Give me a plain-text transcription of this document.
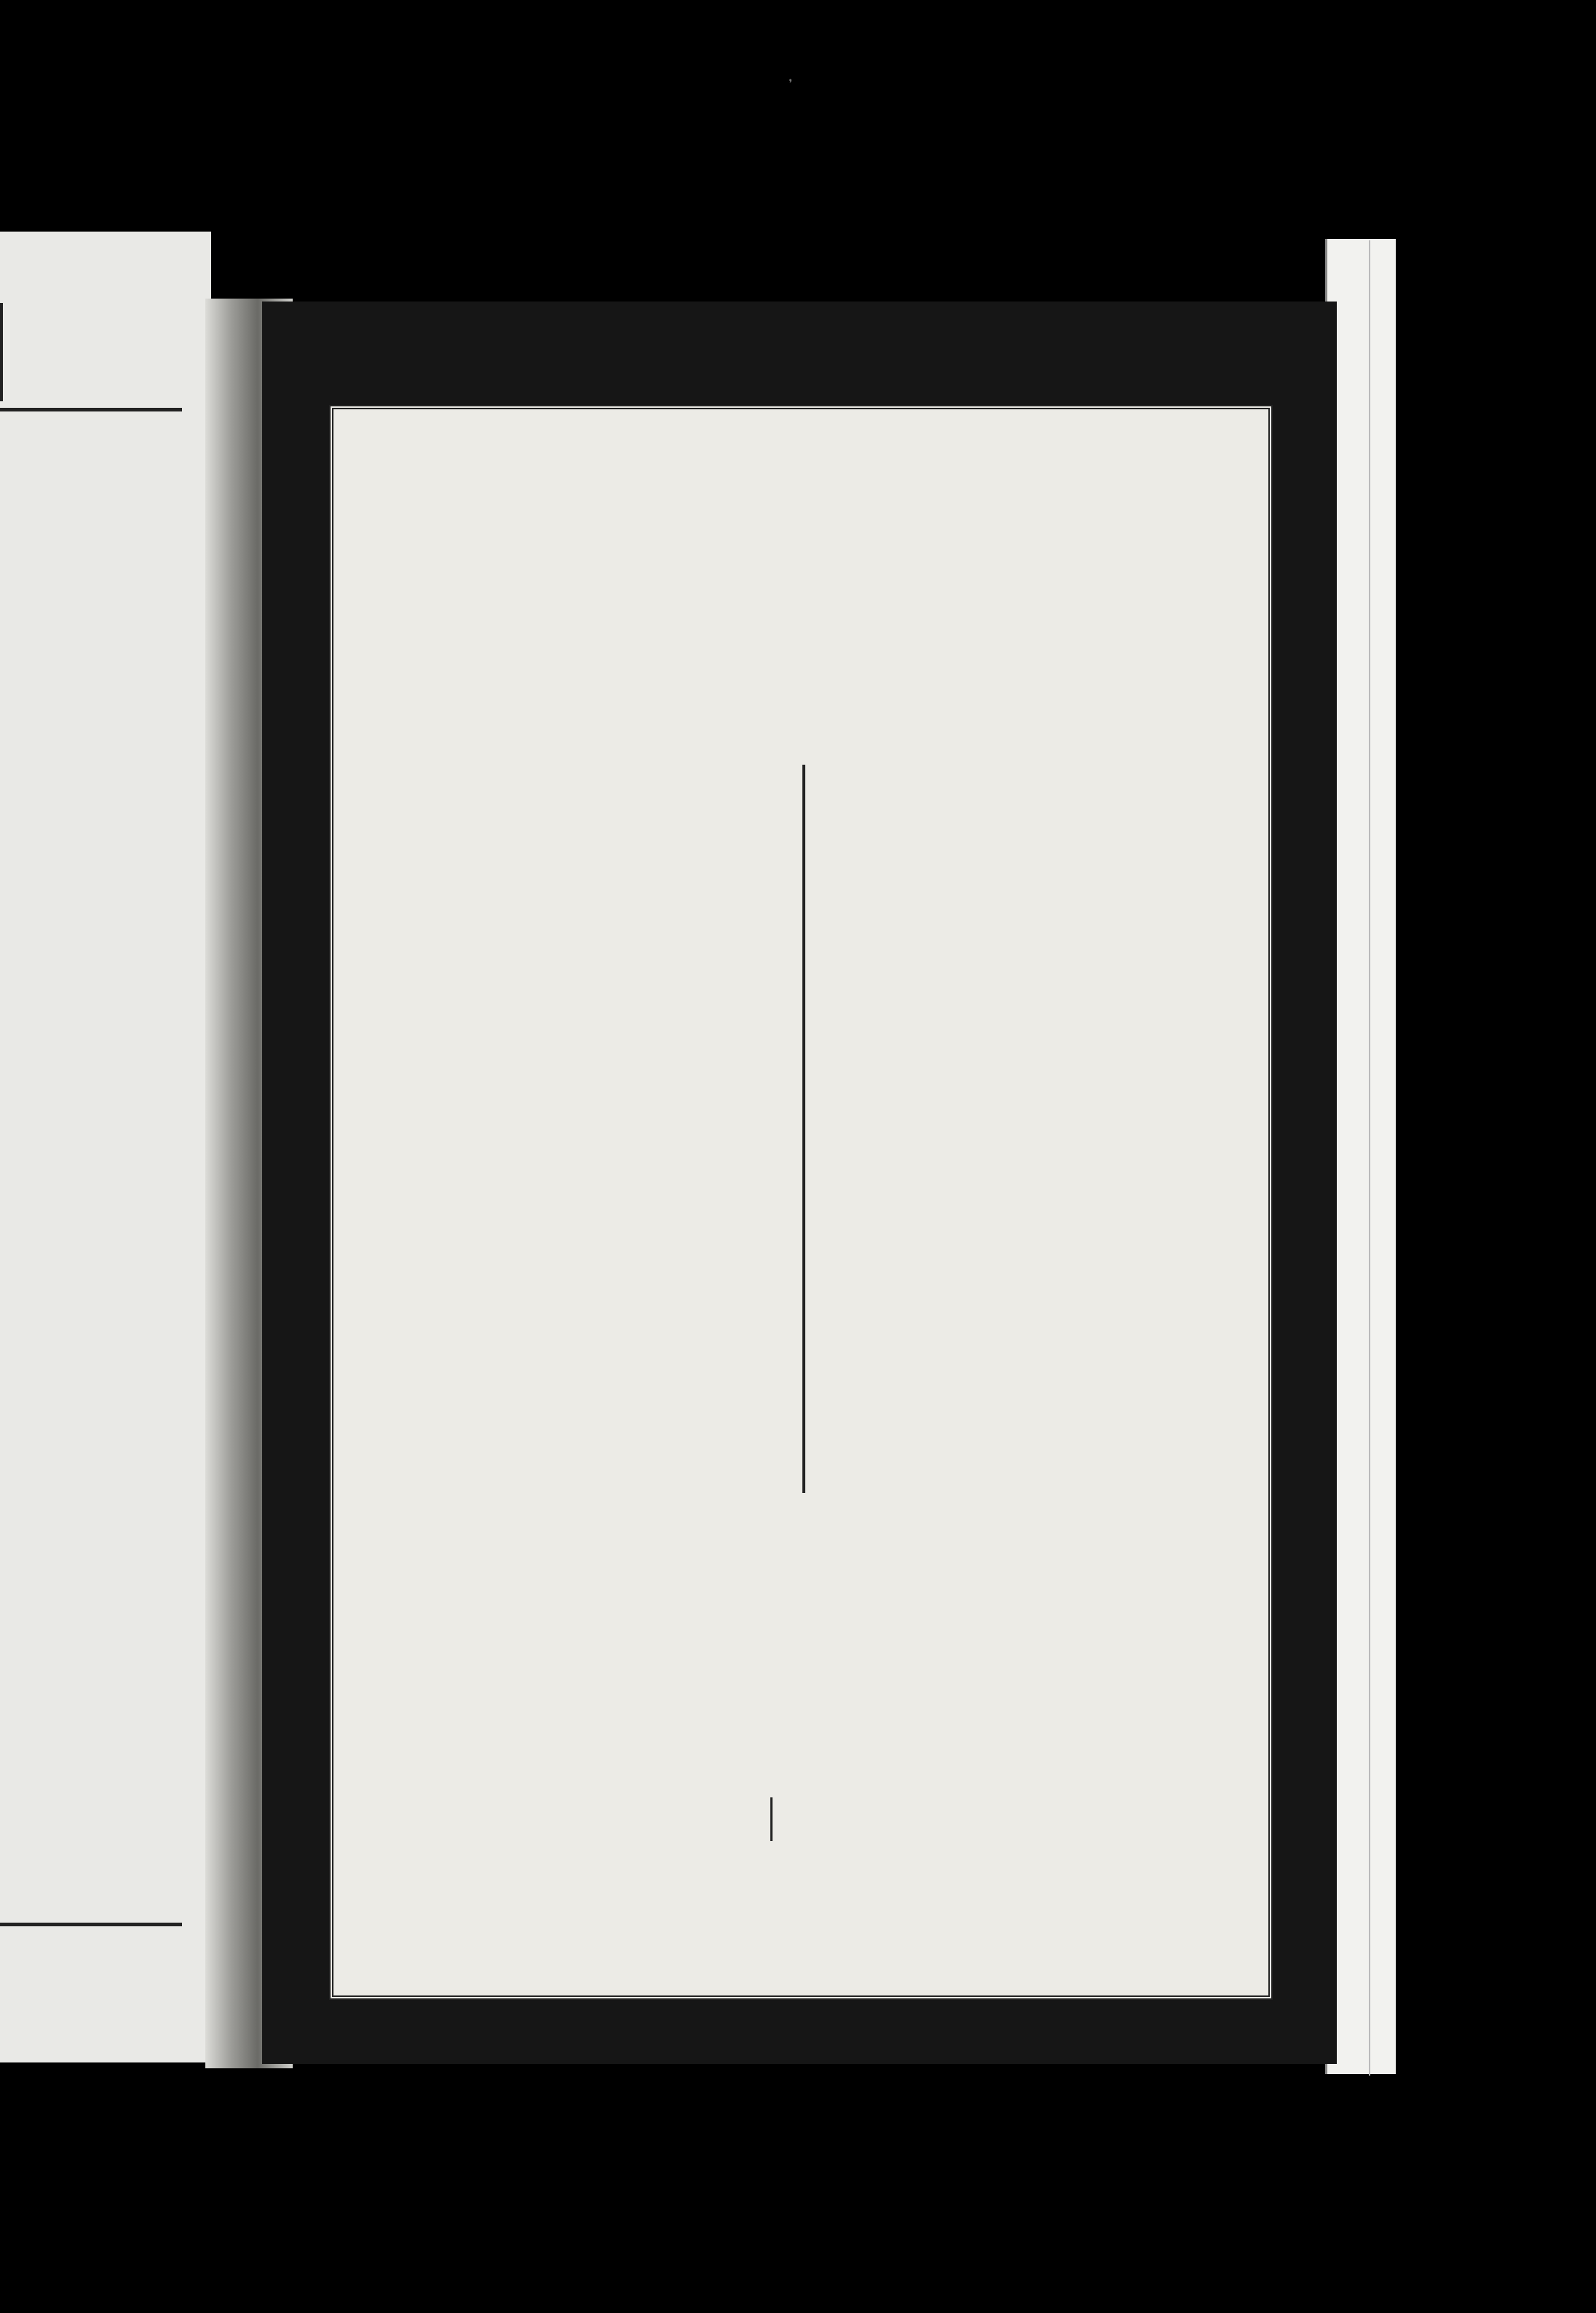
᾽
